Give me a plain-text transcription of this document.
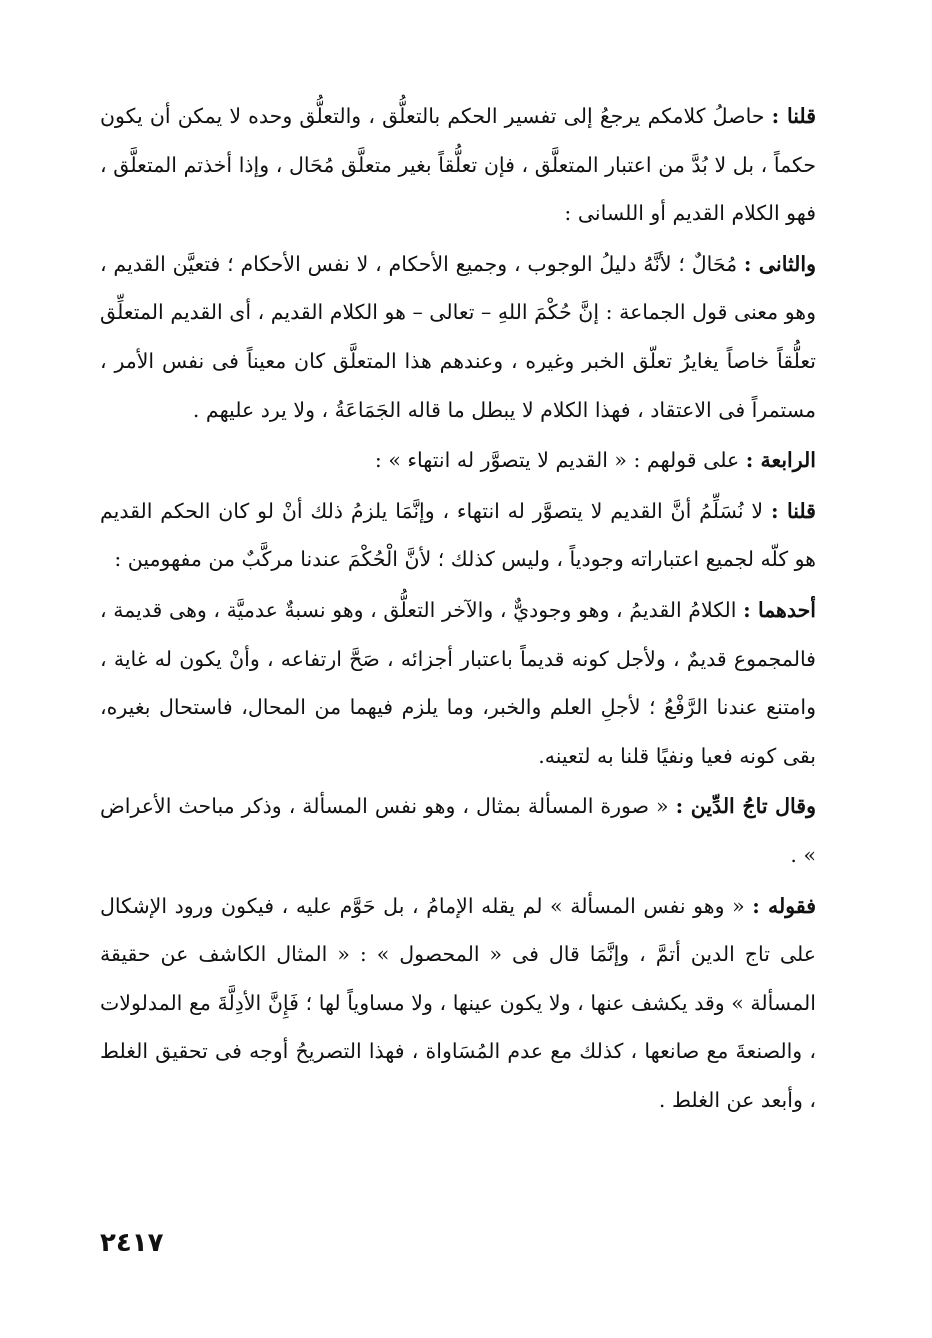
قلنا : حاصلُ كلامكم يرجعُ إلى تفسير الحكم بالتعلُّق ، والتعلُّق وحده لا يمكن أن يكون حكماً ، بل لا بُدَّ من اعتبار المتعلَّق ، فإن تعلُّقاً بغير متعلَّق مُحَال ، وإذا أخذتم المتعلَّق ، فهو الكلام القديم أو اللسانى :

والثانى : مُحَالٌ ؛ لأنَّهُ دليلُ الوجوب ، وجميع الأحكام ، لا نفس الأحكام ؛ فتعيَّن القديم ، وهو معنى قول الجماعة : إنَّ حُكْمَ اللهِ – تعالى – هو الكلام القديم ، أى القديم المتعلِّق تعلُّقاً خاصاً يغايرُ تعلّق الخبر وغيره ، وعندهم هذا المتعلَّق كان معيناً فى نفس الأمر ، مستمراً فى الاعتقاد ، فهذا الكلام لا يبطل ما قاله الجَمَاعَةُ ، ولا يرد عليهم .

الرابعة : على قولهم : « القديم لا يتصوَّر له انتهاء » :

قلنا : لا نُسَلِّمُ أنَّ القديم لا يتصوَّر له انتهاء ، وإنَّمَا يلزمُ ذلك أنْ لو كان الحكم القديم هو كلّه لجميع اعتباراته وجودياً ، وليس كذلك ؛ لأنَّ الْحُكْمَ عندنا مركَّبٌ من مفهومين :

أحدهما : الكلامُ القديمُ ، وهو وجوديٌّ ، والآخر التعلُّق ، وهو نسبةٌ عدميَّة ، وهى قديمة ، فالمجموع قديمٌ ، ولأجل كونه قديماً باعتبار أجزائه ، صَحَّ ارتفاعه ، وأنْ يكون له غاية ، وامتنع عندنا الرَّفْعُ ؛ لأجلِ العلم والخبر، وما يلزم فيهما من المحال، فاستحال بغيره، بقى كونه فعيا ونفيًا قلنا به لتعينه.

وقال تاجُ الدِّين : « صورة المسألة بمثال ، وهو نفس المسألة ، وذكر مباحث الأعراض » .

فقوله : « وهو نفس المسألة » لم يقله الإمامُ ، بل حَوَّم عليه ، فيكون ورود الإشكال على تاج الدين أتمَّ ، وإنَّمَا قال فى « المحصول » : « المثال الكاشف عن حقيقة المسألة » وقد يكشف عنها ، ولا يكون عينها ، ولا مساوياً لها ؛ فَإِنَّ الأدِلَّةَ مع المدلولات ، والصنعةَ مع صانعها ، كذلك مع عدم المُسَاواة ، فهذا التصريحُ أوجه فى تحقيق الغلط ، وأبعد عن الغلط .

٢٤١٧
